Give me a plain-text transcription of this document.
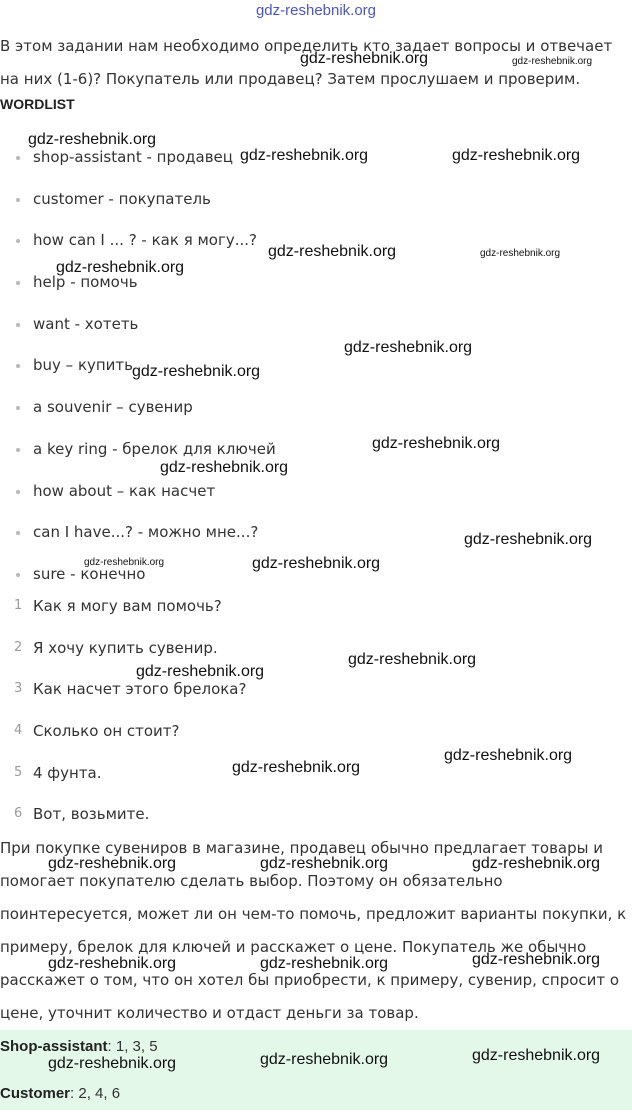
gdz-reshebnik.org
В этом задании нам необходимо определить кто задает вопросы и отвечает на них (1-6)? Покупатель или продавец? Затем прослушаем и проверим.
WORDLIST
shop-assistant - продавец
customer - покупатель
how can I ... ? - как я могу...?
help - помочь
want - хотеть
buy – купить
a souvenir – сувенир
a key ring - брелок для ключей
how about – как насчет
can I have...? - можно мне...?
sure - конечно
1 Как я могу вам помочь?
2 Я хочу купить сувенир.
3 Как насчет этого брелока?
4 Сколько он стоит?
5 4 фунта.
6 Вот, возьмите.
При покупке сувениров в магазине, продавец обычно предлагает товары и помогает покупателю сделать выбор. Поэтому он обязательно поинтересуется, может ли он чем-то помочь, предложит варианты покупки, к примеру, брелок для ключей и расскажет о цене. Покупатель же обычно расскажет о том, что он хотел бы приобрести, к примеру, сувенир, спросит о цене, уточнит количество и отдаст деньги за товар.
Shop-assistant: 1, 3, 5
Customer: 2, 4, 6
gdz-reshebnik.org	gdz-reshebnik.org
gdz-reshebnik.org
gdz-reshebnik.org	gdz-reshebnik.org
gdz-reshebnik.org	gdz-reshebnik.org
gdz-reshebnik.org
gdz-reshebnik.org
gdz-reshebnik.org
gdz-reshebnik.org
gdz-reshebnik.org
gdz-reshebnik.org
gdz-reshebnik.org	gdz-reshebnik.org
gdz-reshebnik.org
gdz-reshebnik.org
gdz-reshebnik.org
gdz-reshebnik.org
gdz-reshebnik.org	gdz-reshebnik.org	gdz-reshebnik.org
gdz-reshebnik.org	gdz-reshebnik.org	gdz-reshebnik.org
gdz-reshebnik.org	gdz-reshebnik.org	gdz-reshebnik.org
